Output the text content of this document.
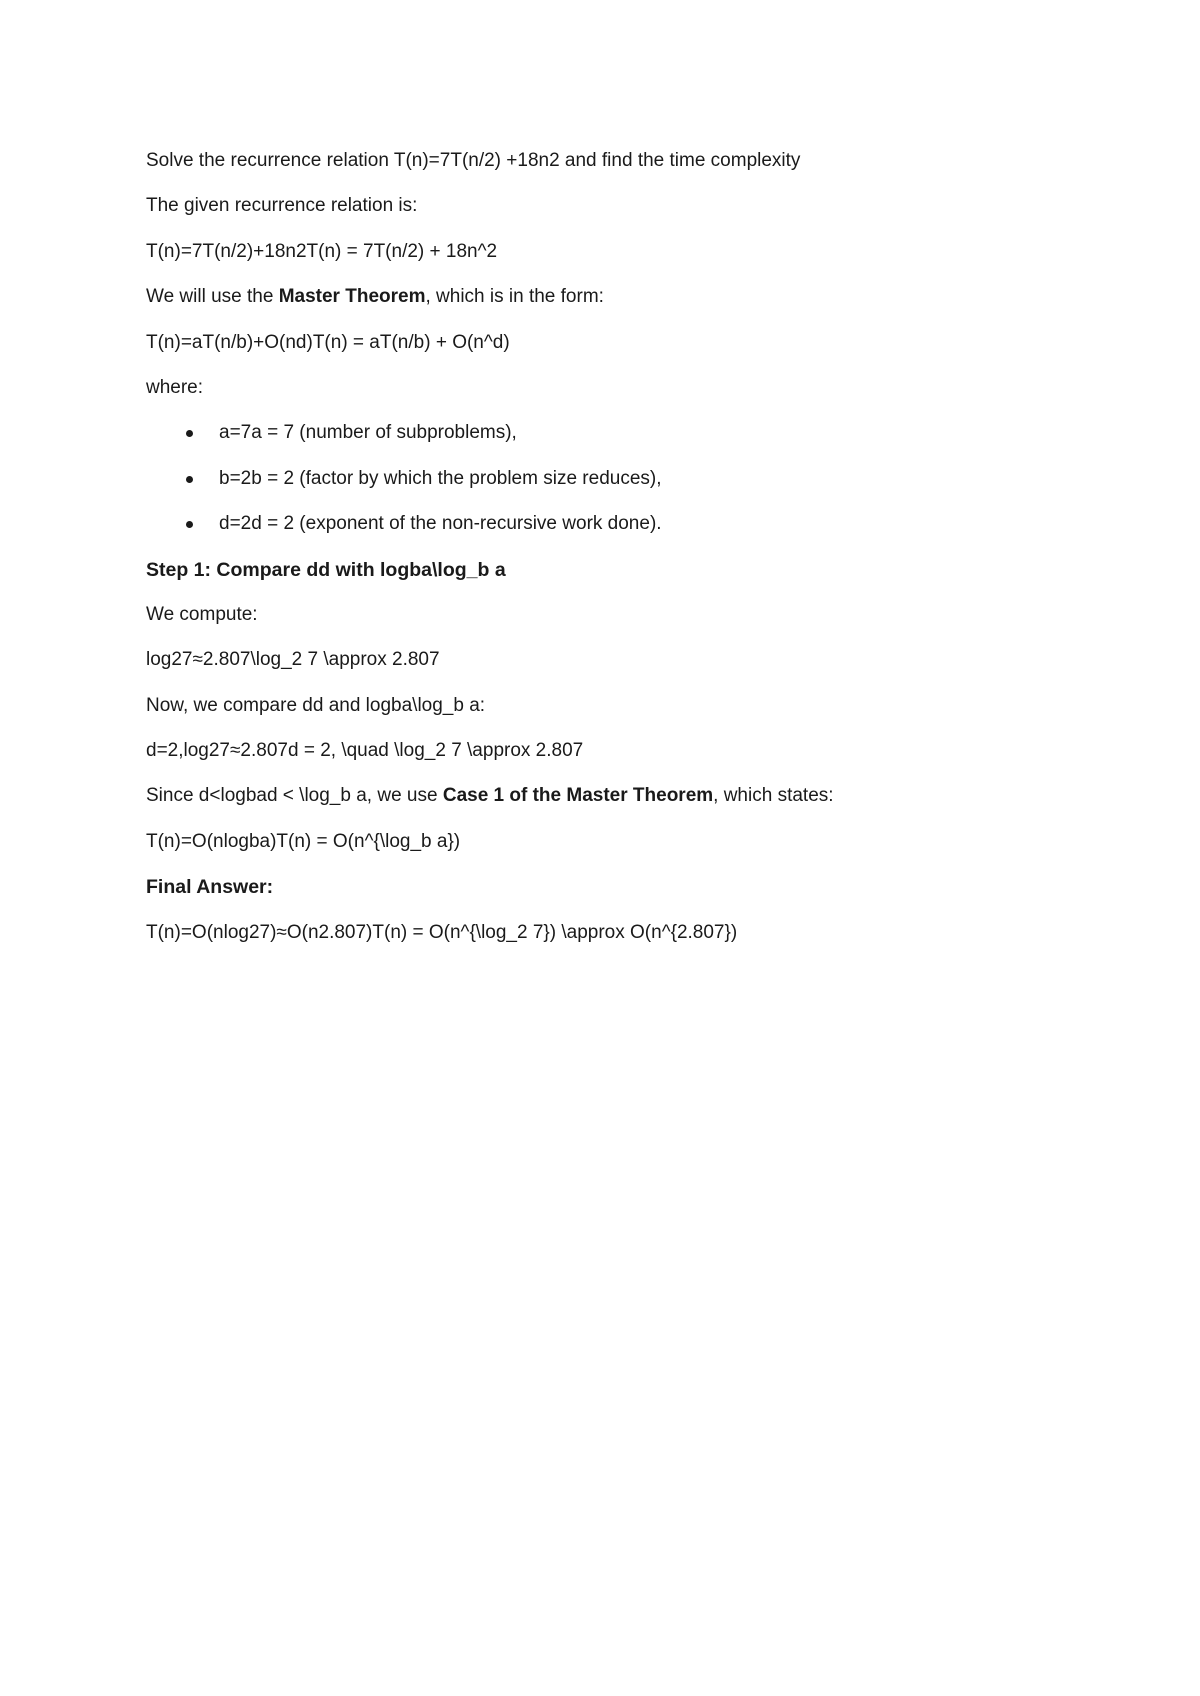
Solve the recurrence relation T(n)=7T(n/2) +18n2 and find the time complexity

The given recurrence relation is:

T(n)=7T(n/2)+18n2T(n) = 7T(n/2) + 18n^2

We will use the Master Theorem, which is in the form:

T(n)=aT(n/b)+O(nd)T(n) = aT(n/b) + O(n^d)

where:

a=7a = 7 (number of subproblems),
b=2b = 2 (factor by which the problem size reduces),
d=2d = 2 (exponent of the non-recursive work done).

Step 1: Compare dd with logba\log_b a

We compute:

log27≈2.807\log_2 7 \approx 2.807

Now, we compare dd and logba\log_b a:

d=2,log27≈2.807d = 2, \quad \log_2 7 \approx 2.807

Since d<logbad < \log_b a, we use Case 1 of the Master Theorem, which states:

T(n)=O(nlogba)T(n) = O(n^{\log_b a})

Final Answer:

T(n)=O(nlog27)≈O(n2.807)T(n) = O(n^{\log_2 7}) \approx O(n^{2.807})
